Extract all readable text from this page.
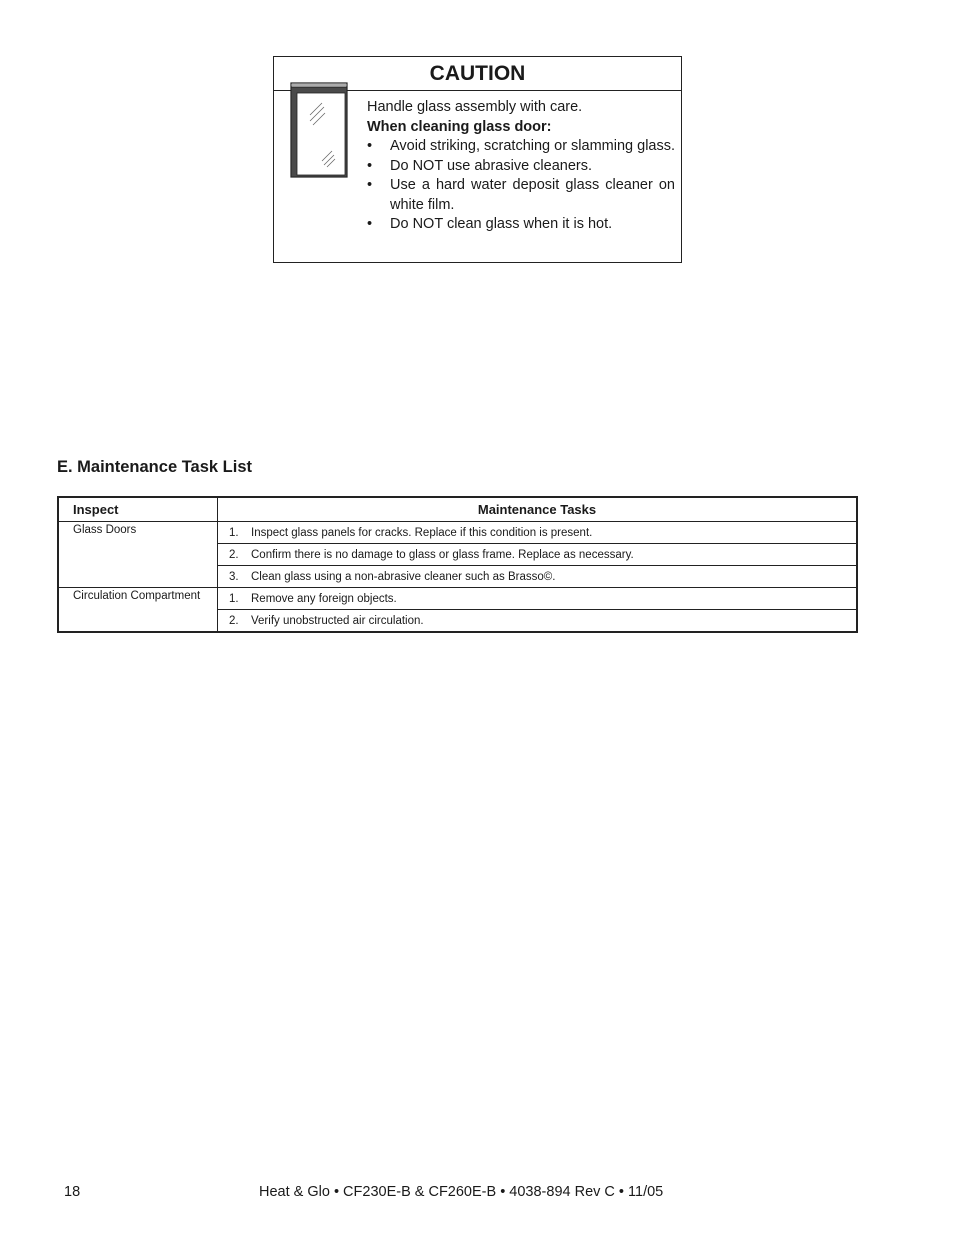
CAUTION

Handle glass assembly with care.

When cleaning glass door:

• Avoid striking, scratching or slamming glass.
• Do NOT use abrasive cleaners.
• Use a hard water deposit glass cleaner on white film.
• Do NOT clean glass when it is hot.
E. Maintenance Task List
Inspect	Maintenance Tasks
Glass Doors	1. Inspect glass panels for cracks. Replace if this condition is present.
	2. Confirm there is no damage to glass or glass frame. Replace as necessary.
	3. Clean glass using a non-abrasive cleaner such as Brasso©.
Circulation Compartment	1. Remove any foreign objects.
	2. Verify unobstructed air circulation.
18	Heat & Glo • CF230E-B & CF260E-B • 4038-894 Rev C • 11/05
